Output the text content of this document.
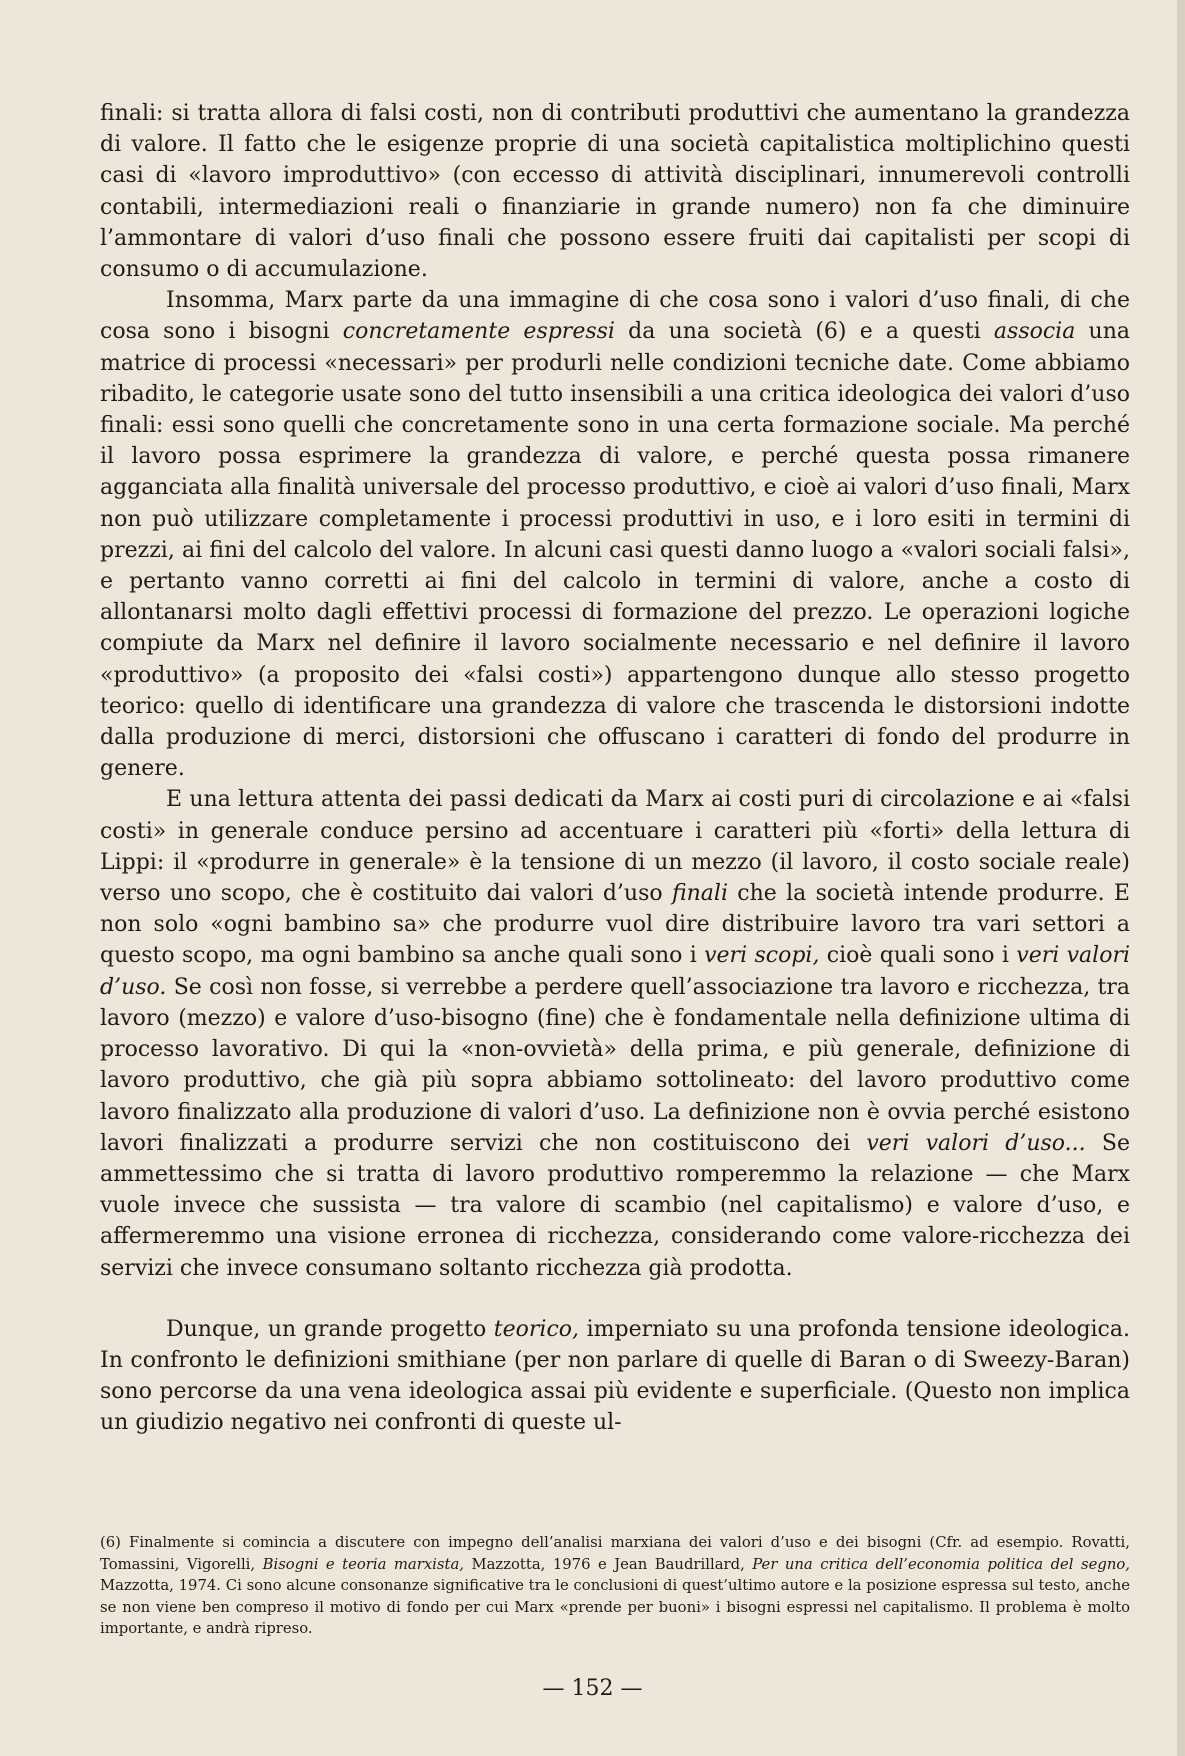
finali: si tratta allora di falsi costi, non di contributi produttivi che aumentano la grandezza di valore. Il fatto che le esigenze proprie di una società capitalistica moltiplichino questi casi di «lavoro improduttivo» (con eccesso di attività disciplinari, innumerevoli controlli contabili, intermediazioni reali o finanziarie in grande numero) non fa che diminuire l’ammontare di valori d’uso finali che possono essere fruiti dai capitalisti per scopi di consumo o di accumulazione.

Insomma, Marx parte da una immagine di che cosa sono i valori d’uso finali, di che cosa sono i bisogni concretamente espressi da una società (6) e a questi associa una matrice di processi «necessari» per produrli nelle condizioni tecniche date. Come abbiamo ribadito, le categorie usate sono del tutto insensibili a una critica ideologica dei valori d’uso finali: essi sono quelli che concretamente sono in una certa formazione sociale. Ma perché il lavoro possa esprimere la grandezza di valore, e perché questa possa rimanere agganciata alla finalità universale del processo produttivo, e cioè ai valori d’uso finali, Marx non può utilizzare completamente i processi produttivi in uso, e i loro esiti in termini di prezzi, ai fini del calcolo del valore. In alcuni casi questi danno luogo a «valori sociali falsi», e pertanto vanno corretti ai fini del calcolo in termini di valore, anche a costo di allontanarsi molto dagli effettivi processi di formazione del prezzo. Le operazioni logiche compiute da Marx nel definire il lavoro socialmente necessario e nel definire il lavoro «produttivo» (a proposito dei «falsi costi») appartengono dunque allo stesso progetto teorico: quello di identificare una grandezza di valore che trascenda le distorsioni indotte dalla produzione di merci, distorsioni che offuscano i caratteri di fondo del produrre in genere.

E una lettura attenta dei passi dedicati da Marx ai costi puri di circolazione e ai «falsi costi» in generale conduce persino ad accentuare i caratteri più «forti» della lettura di Lippi: il «produrre in generale» è la tensione di un mezzo (il lavoro, il costo sociale reale) verso uno scopo, che è costituito dai valori d’uso finali che la società intende produrre. E non solo «ogni bambino sa» che produrre vuol dire distribuire lavoro tra vari settori a questo scopo, ma ogni bambino sa anche quali sono i veri scopi, cioè quali sono i veri valori d’uso. Se così non fosse, si verrebbe a perdere quell’associazione tra lavoro e ricchezza, tra lavoro (mezzo) e valore d’uso-bisogno (fine) che è fondamentale nella definizione ultima di processo lavorativo. Di qui la «non-ovvietà» della prima, e più generale, definizione di lavoro produttivo, che già più sopra abbiamo sottolineato: del lavoro produttivo come lavoro finalizzato alla produzione di valori d’uso. La definizione non è ovvia perché esistono lavori finalizzati a produrre servizi che non costituiscono dei veri valori d’uso... Se ammettessimo che si tratta di lavoro produttivo romperemmo la relazione — che Marx vuole invece che sussista — tra valore di scambio (nel capitalismo) e valore d’uso, e affermeremmo una visione erronea di ricchezza, considerando come valore-ricchezza dei servizi che invece consumano soltanto ricchezza già prodotta.

Dunque, un grande progetto teorico, imperniato su una profonda tensione ideologica. In confronto le definizioni smithiane (per non parlare di quelle di Baran o di Sweezy-Baran) sono percorse da una vena ideologica assai più evidente e superficiale. (Questo non implica un giudizio negativo nei confronti di queste ul-

(6) Finalmente si comincia a discutere con impegno dell’analisi marxiana dei valori d’uso e dei bisogni (Cfr. ad esempio. Rovatti, Tomassini, Vigorelli, Bisogni e teoria marxista, Mazzotta, 1976 e Jean Baudrillard, Per una critica dell’economia politica del segno, Mazzotta, 1974. Ci sono alcune consonanze significative tra le conclusioni di quest’ultimo autore e la posizione espressa sul testo, anche se non viene ben compreso il motivo di fondo per cui Marx «prende per buoni» i bisogni espressi nel capitalismo. Il problema è molto importante, e andrà ripreso.

— 152 —
